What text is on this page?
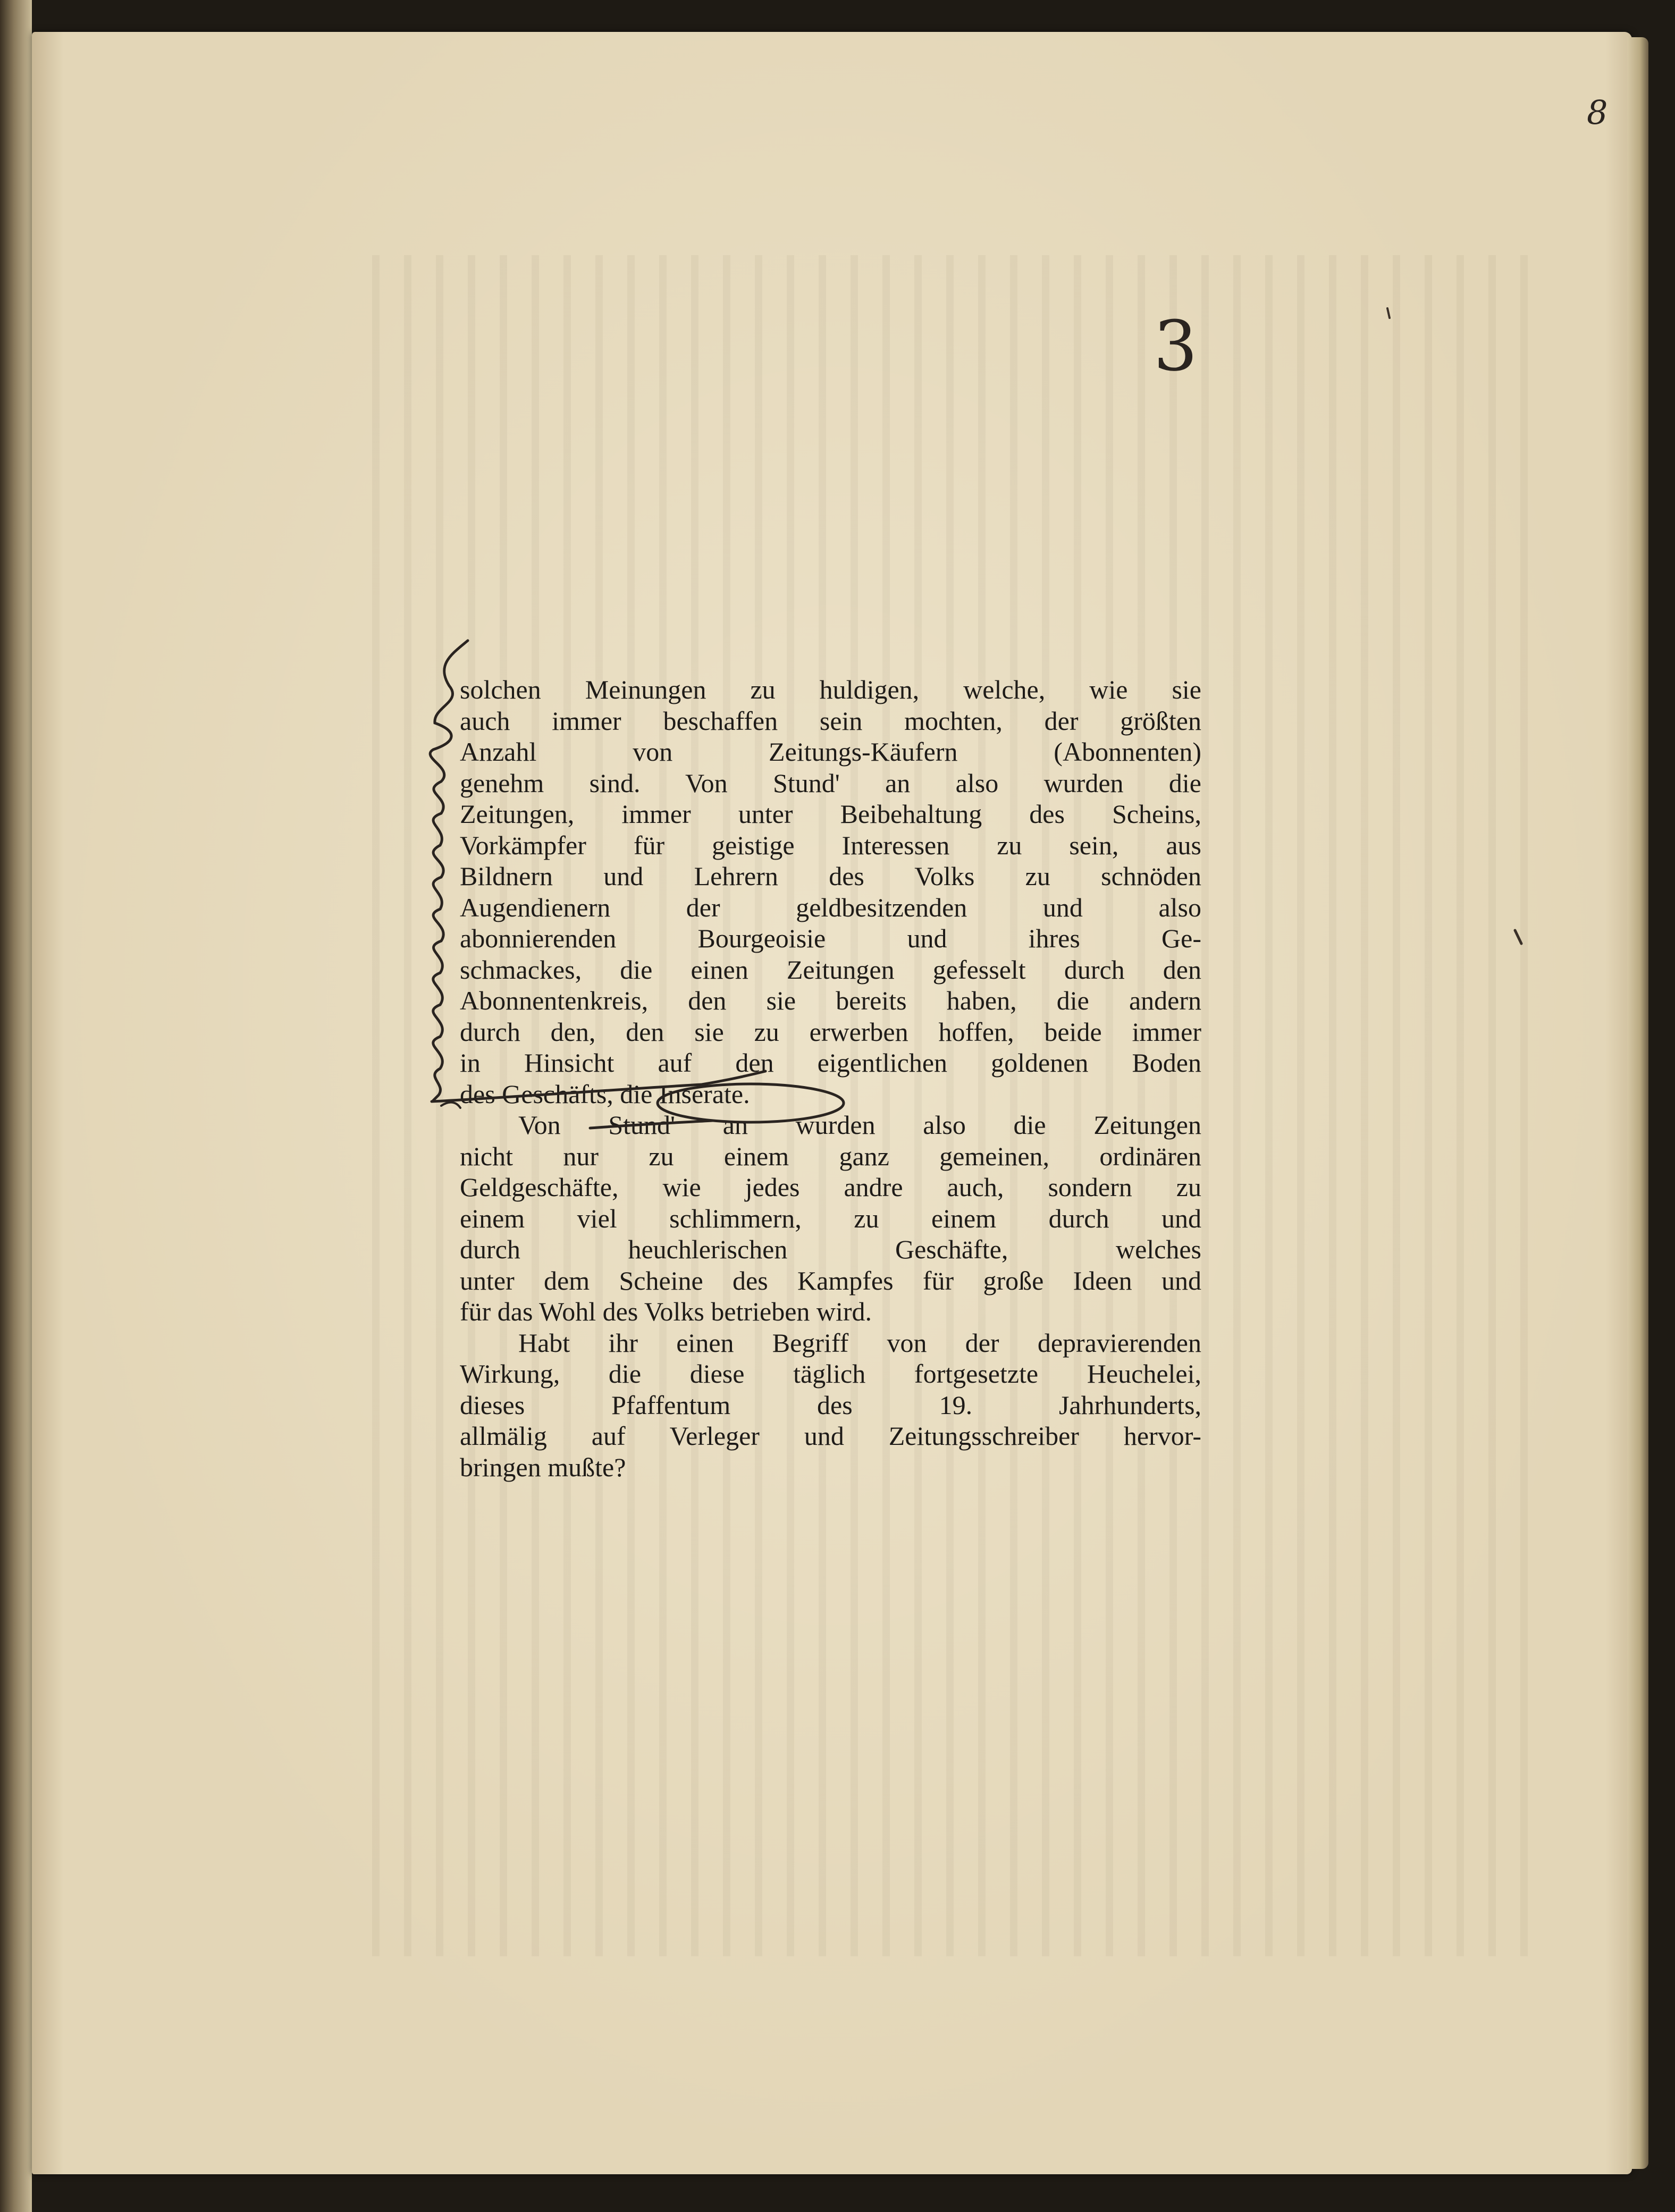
8
3

solchen Meinungen zu huldigen, welche, wie sie
auch immer beschaffen sein mochten, der größten
Anzahl von Zeitungs-Käufern (Abonnenten)
genehm sind. Von Stund' an also wurden die
Zeitungen, immer unter Beibehaltung des Scheins,
Vorkämpfer für geistige Interessen zu sein, aus
Bildnern und Lehrern des Volks zu schnöden
Augendienern der geldbesitzenden und also
abonnierenden Bourgeoisie und ihres Ge-
schmackes, die einen Zeitungen gefesselt durch den
Abonnentenkreis, den sie bereits haben, die andern
durch den, den sie zu erwerben hoffen, beide immer
in Hinsicht auf den eigentlichen goldenen Boden
des Geschäfts, die Inserate.

Von Stund' an wurden also die Zeitungen
nicht nur zu einem ganz gemeinen, ordinären
Geldgeschäfte, wie jedes andre auch, sondern zu
einem viel schlimmern, zu einem durch und
durch heuchlerischen Geschäfte, welches
unter dem Scheine des Kampfes für große Ideen und
für das Wohl des Volks betrieben wird.

Habt ihr einen Begriff von der depravierenden
Wirkung, die diese täglich fortgesetzte Heuchelei,
dieses Pfaffentum des 19. Jahrhunderts,
allmälig auf Verleger und Zeitungsschreiber hervor-
bringen mußte?
